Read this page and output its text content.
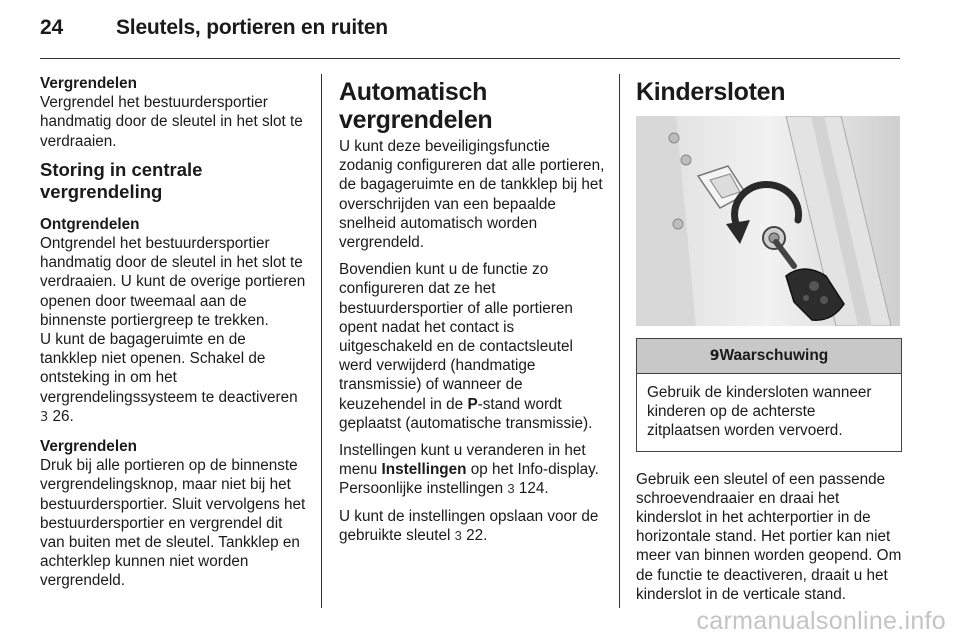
24	Sleutels, portieren en ruiten

Vergrendelen

Vergrendel het bestuurdersportier handmatig door de sleutel in het slot te verdraaien.

Storing in centrale vergrendeling

Ontgrendelen

Ontgrendel het bestuurdersportier handmatig door de sleutel in het slot te verdraaien. U kunt de overige portieren openen door tweemaal aan de binnenste portiergreep te trekken.

U kunt de bagageruimte en de tankklep niet openen. Schakel de ontsteking in om het vergrendelingssysteem te deactiveren 3 26.

Vergrendelen

Druk bij alle portieren op de binnenste vergrendelingsknop, maar niet bij het bestuurdersportier. Sluit vervolgens het bestuurdersportier en vergrendel dit van buiten met de sleutel. Tankklep en achterklep kunnen niet worden vergrendeld.

Automatisch vergrendelen

U kunt deze beveiligingsfunctie zodanig configureren dat alle portieren, de bagageruimte en de tankklep bij het overschrijden van een bepaalde snelheid automatisch worden vergrendeld.

Bovendien kunt u de functie zo configureren dat ze het bestuurdersportier of alle portieren opent nadat het contact is uitgeschakeld en de contactsleutel werd verwijderd (handmatige transmissie) of wanneer de keuzehendel in de P-stand wordt geplaatst (automatische transmissie).

Instellingen kunt u veranderen in het menu Instellingen op het Info-display. Persoonlijke instellingen 3 124.

U kunt de instellingen opslaan voor de gebruikte sleutel 3 22.

Kindersloten

9Waarschuwing
Gebruik de kindersloten wanneer kinderen op de achterste zitplaatsen worden vervoerd.

Gebruik een sleutel of een passende schroevendraaier en draai het kinderslot in het achterportier in de horizontale stand. Het portier kan niet meer van binnen worden geopend. Om de functie te deactiveren, draait u het kinderslot in de verticale stand.

carmanualsonline.info
